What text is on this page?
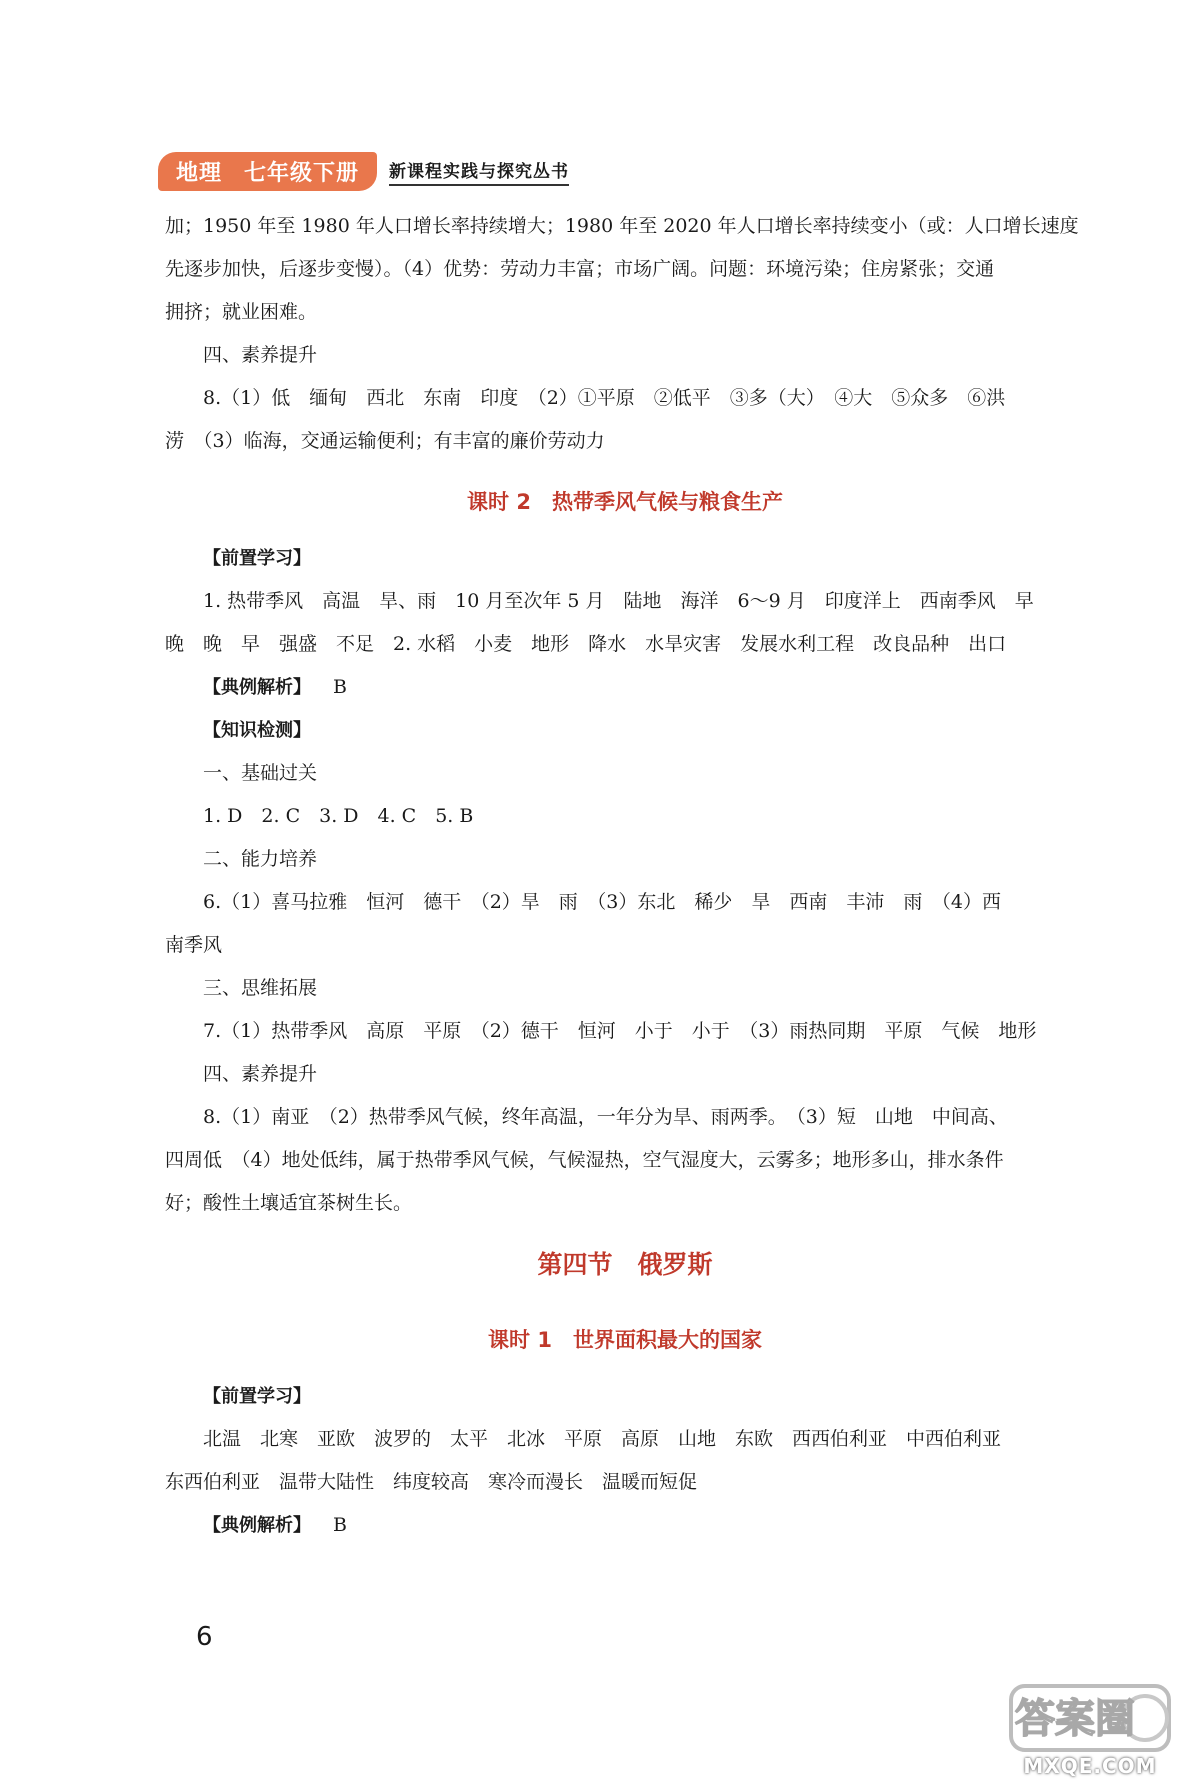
地理 七年级下册	新课程实践与探究丛书

加；1950 年至 1980 年人口增长率持续增大；1980 年至 2020 年人口增长率持续变小（或：人口增长速度

先逐步加快，后逐步变慢）。（4）优势：劳动力丰富；市场广阔。问题：环境污染；住房紧张；交通

拥挤；就业困难。

四、素养提升

8.（1）低　缅甸　西北　东南　印度　（2）①平原　②低平　③多（大）　④大　⑤众多　⑥洪

涝　（3）临海，交通运输便利；有丰富的廉价劳动力

课时 2　热带季风气候与粮食生产

【前置学习】

1. 热带季风　高温　旱、雨　10 月至次年 5 月　陆地　海洋　6～9 月　印度洋上　西南季风　早

晚　晚　早　强盛　不足　2. 水稻　小麦　地形　降水　水旱灾害　发展水利工程　改良品种　出口

【典例解析】 B

【知识检测】

一、基础过关

1. D　2. C　3. D　4. C　5. B

二、能力培养

6.（1）喜马拉雅　恒河　德干　（2）旱　雨　（3）东北　稀少　旱　西南　丰沛　雨　（4）西

南季风

三、思维拓展

7.（1）热带季风　高原　平原　（2）德干　恒河　小于　小于　（3）雨热同期　平原　气候　地形

四、素养提升

8.（1）南亚　（2）热带季风气候，终年高温，一年分为旱、雨两季。　（3）短　山地　中间高、

四周低　（4）地处低纬，属于热带季风气候，气候湿热，空气湿度大，云雾多；地形多山，排水条件

好；酸性土壤适宜茶树生长。

第四节　俄罗斯
课时 1　世界面积最大的国家

【前置学习】

北温　北寒　亚欧　波罗的　太平　北冰　平原　高原　山地　东欧　西西伯利亚　中西伯利亚

东西伯利亚　温带大陆性　纬度较高　寒冷而漫长　温暖而短促

【典例解析】 B

6
答案圈
MXQE.COM
